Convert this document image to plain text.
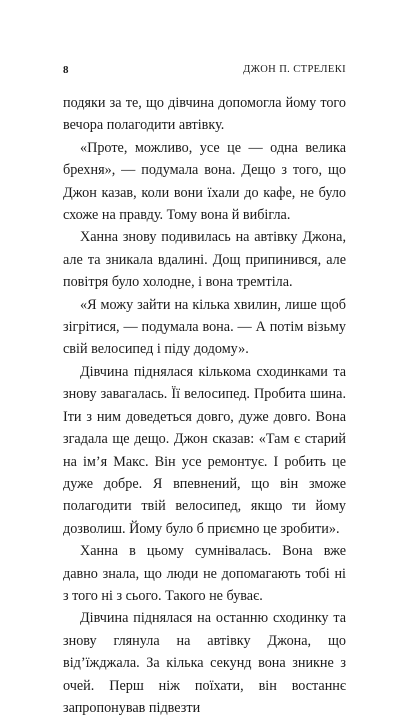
8	ДЖОН П. СТРЕЛЕКІ

подяки за те, що дівчина допомогла йому того вечора полагодити автівку.

«Проте, можливо, усе це — одна велика брехня», — подумала вона. Дещо з того, що Джон казав, коли вони їхали до кафе, не було схоже на правду. Тому вона й вибігла.

Ханна знову подивилась на автівку Джона, але та зникала вдалині. Дощ припинився, але повітря було холодне, і вона тремтіла.

«Я можу зайти на кілька хвилин, лише щоб зігрітися, — подумала вона. — А потім візьму свій велосипед і піду додому».

Дівчина піднялася кількома сходинками та знову завагалась. Її велосипед. Пробита шина. Іти з ним доведеться довго, дуже довго. Вона згадала ще дещо. Джон сказав: «Там є старий на ім’я Макс. Він усе ремонтує. І робить це дуже добре. Я впевнений, що він зможе полагодити твій велосипед, якщо ти йому дозволиш. Йому було б приємно це зробити».

Ханна в цьому сумнівалась. Вона вже давно знала, що люди не допомагають тобі ні з того ні з сього. Такого не буває.

Дівчина піднялася на останню сходинку та знову глянула на автівку Джона, що від’їжджала. За кілька секунд вона зникне з очей. Перш ніж поїхати, він востаннє запропонував підвезти
